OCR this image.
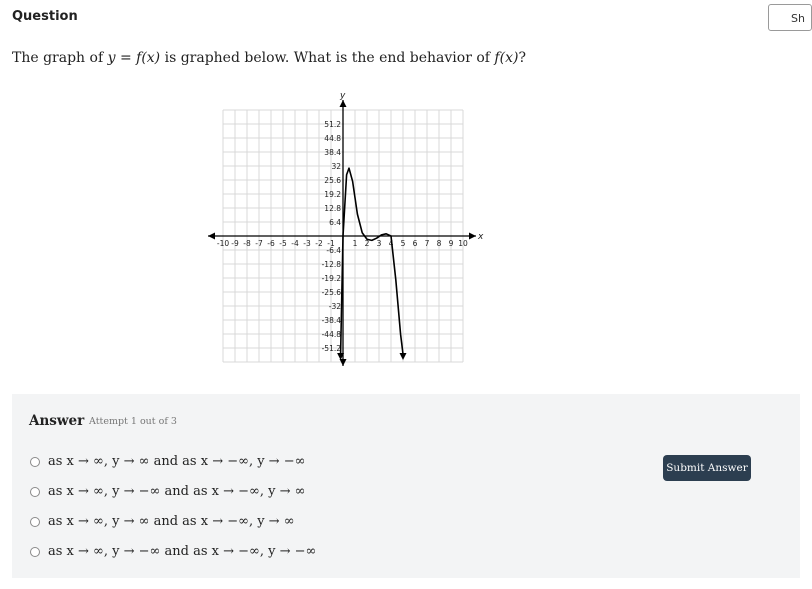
Question	Sh
The graph of y = f(x) is graphed below. What is the end behavior of f(x)?
-10 -9 -8 -7 -6 -5 -4 -3 -2 -1 1 2 3 4 5 6 7 8 9 10
51.2
44.8
38.4
32
25.6
19.2
12.8
6.4
-6.4
-12.8
-19.2
-25.6
-32
-38.4
-44.8
-51.2
x
y
Answer Attempt 1 out of 3
as x → ∞, y → ∞ and as x → −∞, y → −∞
as x → ∞, y → −∞ and as x → −∞, y → ∞
as x → ∞, y → ∞ and as x → −∞, y → ∞
as x → ∞, y → −∞ and as x → −∞, y → −∞
Submit Answer
